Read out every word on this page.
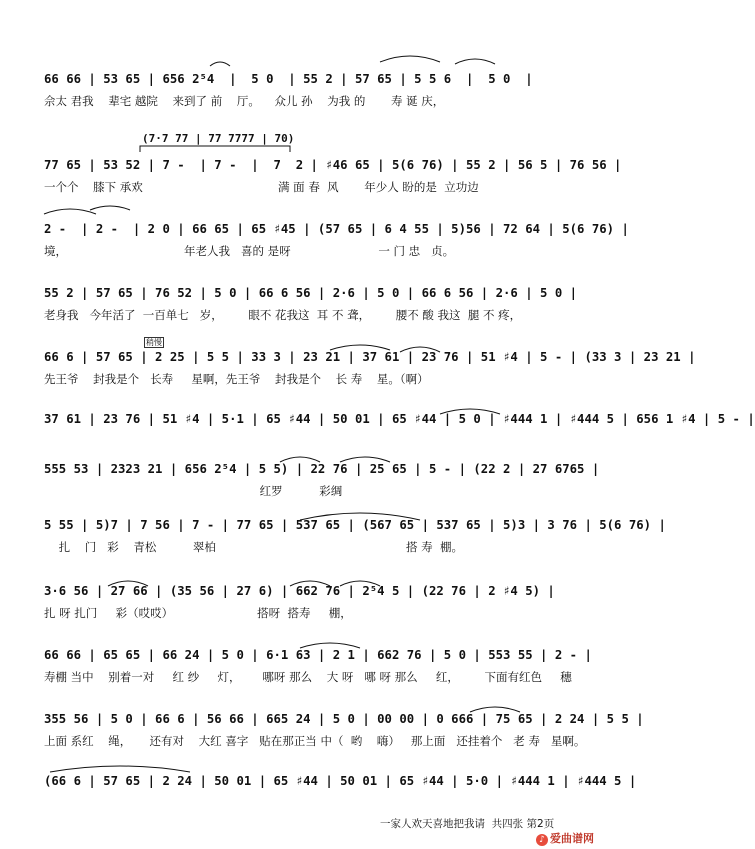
(7·7 77 | 77 7777 | 70)
稍慢
66 66 | 53 65 | 656 2⁵4  |  5 0  | 55 2 | 57 65 | 5 5 6  |  5 0  |
佘太 君我    辈宅 越院    来到了 前    厅。    众儿 孙    为我 的       寿 诞 庆，
77 65 | 53 52 | 7 -  | 7 -  |  7  2 | ♯46 65 | 5(6 76) | 55 2 | 56 5 | 76 56 |
一个个    膝下 承欢                                     满 面 春  风       年少人 盼的是  立功边
2 -  | 2 -  | 2 0 | 66 65 | 65 ♯45 | (57 65 | 6 4 55 | 5)56 | 72 64 | 5(6 76) |
境，                                年老人我   喜的 是呀                        一 门 忠   贞。
55 2 | 57 65 | 76 52 | 5 0 | 66 6 56 | 2·6 | 5 0 | 66 6 56 | 2·6 | 5 0 |
老身我   今年活了  一百单七   岁，       眼不 花我这  耳 不 聋，       腰不 酸 我这  腿 不 疼，
66 6 | 57 65 | 2 25 | 5 5 | 33 3 | 23 21 | 37 61 | 23 76 | 51 ♯4 | 5 - | (33 3 | 23 21 |
先王爷    封我是个   长寿     星啊，先王爷    封我是个    长 寿    星。（啊）
37 61 | 23 76 | 51 ♯4 | 5·1 | 65 ♯44 | 50 01 | 65 ♯44 | 5 0 | ♯444 1 | ♯444 5 | 656 1 ♯4 | 5 - |
555 53 | 2323 21 | 656 2⁵4 | 5 5) | 22 76 | 25 65 | 5 - | (22 2 | 27 6765 |
红罗          彩绸
5 55 | 5)7 | 7 56 | 7 - | 77 65 | 537 65 | (567 65 | 537 65 | 5)3 | 3 76 | 5(6 76) |
扎    门   彩    青松          翠柏                                                    搭 寿  棚。
3·6 56 | 27 66 | (35 56 | 27 6) | 662 76 | 2⁵4 5 | (22 76 | 2 ♯4 5) |
扎 呀 扎门     彩（哎哎）                       搭呀  搭寿     棚，
66 66 | 65 65 | 66 24 | 5 0 | 6·1 63 | 2 1 | 662 76 | 5 0 | 553 55 | 2 - |
寿棚 当中    别着一对     红 纱     灯，      哪呀 那么    大 呀   哪 呀 那么     红，       下面有红色     穗
355 56 | 5 0 | 66 6 | 56 66 | 665 24 | 5 0 | 00 00 | 0 666 | 75 65 | 2 24 | 5 5 |
上面 系红    绳，     还有对    大红 喜字   贴在那正当 中（  哟    嗨）   那上面   还挂着个   老 寿   星啊。
(66 6 | 57 65 | 2 24 | 50 01 | 65 ♯44 | 50 01 | 65 ♯44 | 5·0 | ♯444 1 | ♯444 5 |
一家人欢天喜地把我请  共四张 第2页
♪ 爱曲谱网
